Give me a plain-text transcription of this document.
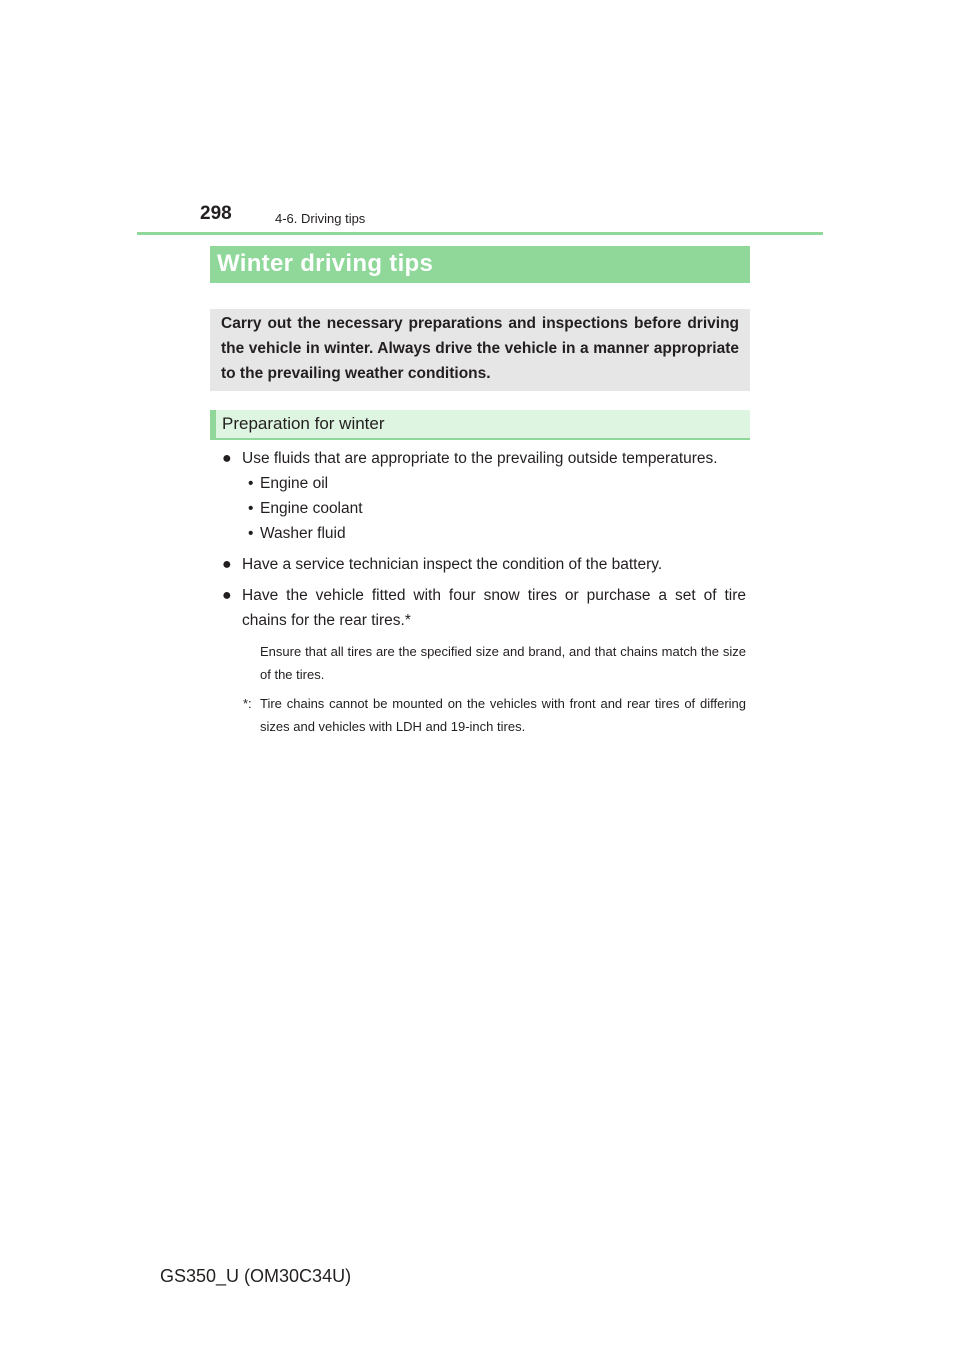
298	4-6. Driving tips
Winter driving tips
Carry out the necessary preparations and inspections before driving the vehicle in winter. Always drive the vehicle in a manner appropriate to the prevailing weather conditions.
Preparation for winter
● Use fluids that are appropriate to the prevailing outside temperatures.
• Engine oil
• Engine coolant
• Washer fluid
● Have a service technician inspect the condition of the battery.
● Have the vehicle fitted with four snow tires or purchase a set of tire chains for the rear tires.*
Ensure that all tires are the specified size and brand, and that chains match the size of the tires.
*: Tire chains cannot be mounted on the vehicles with front and rear tires of differing sizes and vehicles with LDH and 19-inch tires.
GS350_U (OM30C34U)
